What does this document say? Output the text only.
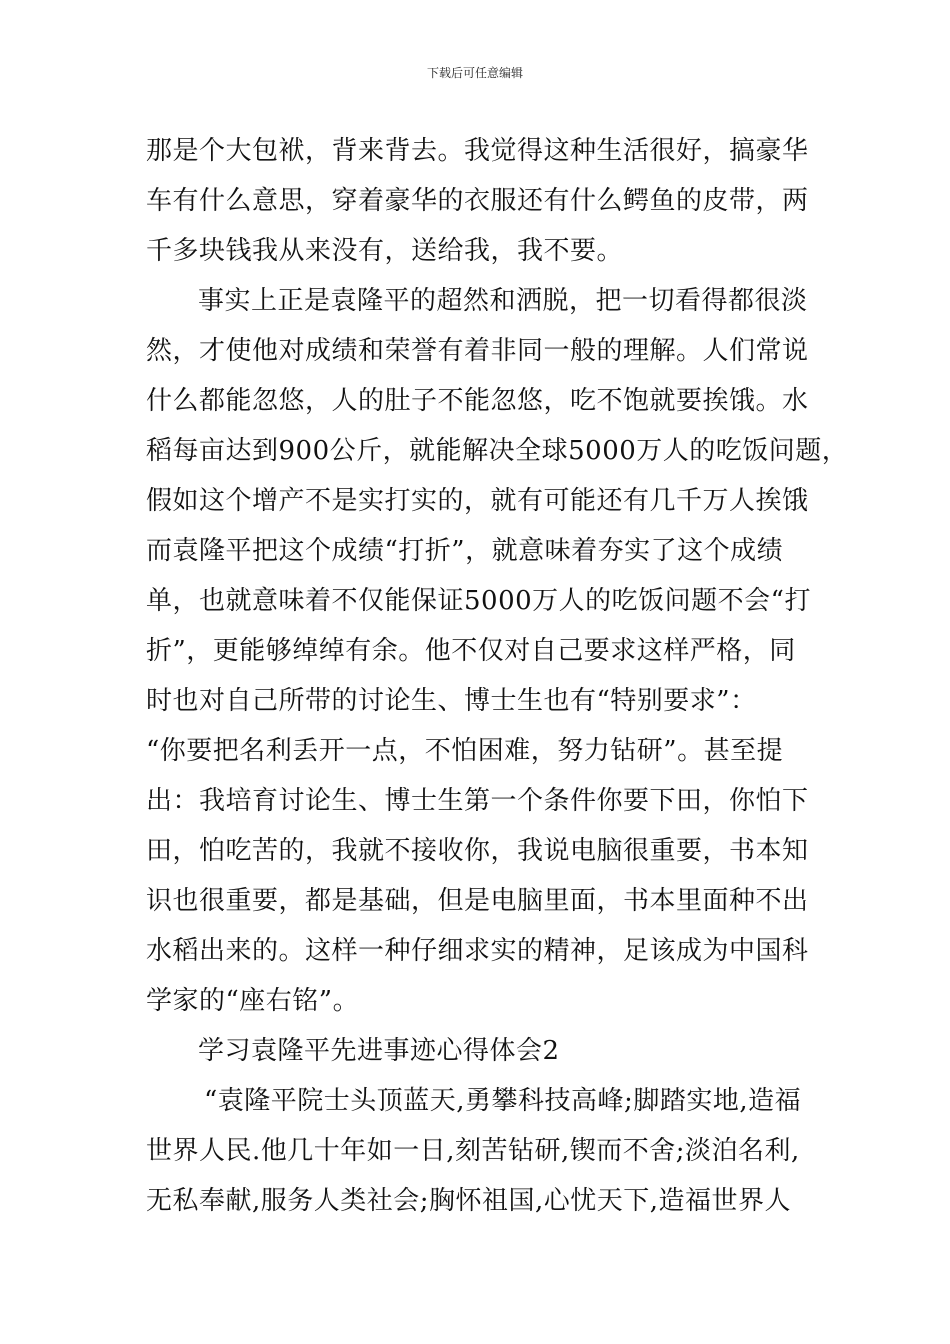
下载后可任意编辑
那是个大包袱，背来背去。我觉得这种生活很好，搞豪华
车有什么意思，穿着豪华的衣服还有什么鳄鱼的皮带，两
千多块钱我从来没有，送给我，我不要。
事实上正是袁隆平的超然和洒脱，把一切看得都很淡
然，才使他对成绩和荣誉有着非同一般的理解。人们常说
什么都能忽悠，人的肚子不能忽悠，吃不饱就要挨饿。水
稻每亩达到900公斤，就能解决全球5000万人的吃饭问题，
假如这个增产不是实打实的，就有可能还有几千万人挨饿
而袁隆平把这个成绩“打折”，就意味着夯实了这个成绩
单，也就意味着不仅能保证5000万人的吃饭问题不会“打
折”，更能够绰绰有余。他不仅对自己要求这样严格，同
时也对自己所带的讨论生、博士生也有“特别要求”：
“你要把名利丢开一点，不怕困难，努力钻研”。甚至提
出：我培育讨论生、博士生第一个条件你要下田，你怕下
田，怕吃苦的，我就不接收你，我说电脑很重要，书本知
识也很重要，都是基础，但是电脑里面，书本里面种不出
水稻出来的。这样一种仔细求实的精神，足该成为中国科
学家的“座右铭”。
学习袁隆平先进事迹心得体会2
“袁隆平院士头顶蓝天,勇攀科技高峰;脚踏实地,造福
世界人民.他几十年如一日,刻苦钻研,锲而不舍;淡泊名利,
无私奉献,服务人类社会;胸怀祖国,心忧天下,造福世界人
